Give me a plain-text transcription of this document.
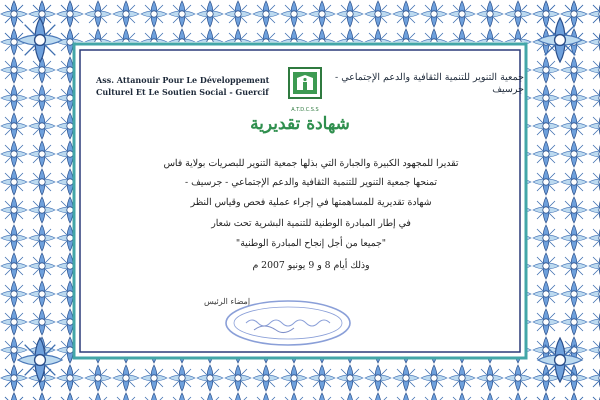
Ass. Attanouir Pour Le Développement Culturel Et Le Soutien Social - Guercif
A.T.D.C.S.S
جمعية التنوير للتنمية الثقافية والدعم الإجتماعي - جرسيف
شهادة تقديرية
تقديرا للمجهود الكبيرة والجبارة التي بذلها جمعية التنوير للبصريات بولاية فاس
تمنحها جمعية التنوير للتنمية الثقافية والدعم الإجتماعي - جرسيف -
شهادة تقديرية للمساهمتها في إجراء عملية فحص وقياس النظر
في إطار المبادرة الوطنية للتنمية البشرية تحت شعار
"جميعا من أجل إنجاح المبادرة الوطنية"
وذلك أيام 8 و 9 يونيو 2007 م
إمضاء الرئيس
